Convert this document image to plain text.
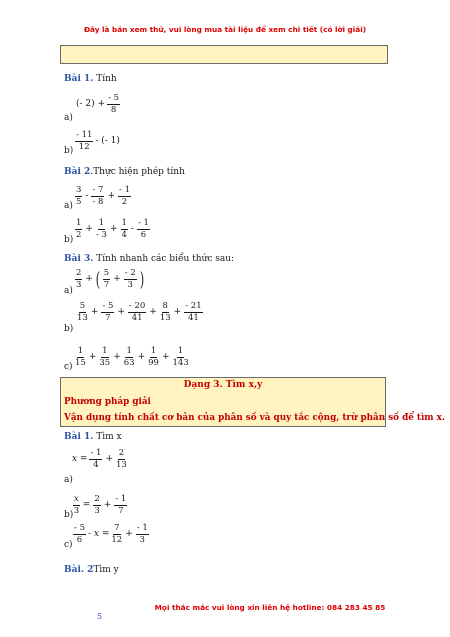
Đây là bản xem thử, vui lòng mua tài liệu để xem chi tiết (có lời giải)
Bài 1. Tính
(- $2) + \frac{- 5}{8}$
a)
$\frac{- 11}{12}$ - (- 1)
b)
Bài 2.Thực hiện phép tính
$\frac{3}{5} - \frac{- 7}{- 8} + \frac{- 1}{2}$
a)
$\frac{1}{2} + \frac{1}{- 3} + \frac{1}{4} - \frac{- 1}{6}$
b)
Bài 3. Tính nhanh các biểu thức sau:
$\frac{2}{3}$ + ( $\frac{5}{7} + \frac{- 2}{3}$ )
a)
$\frac{5}{13} + \frac{- 5}{7} + \frac{- 20}{41} + \frac{8}{13} + \frac{- 21}{41}$
b)
$\frac{1}{15} + \frac{1}{35} + \frac{1}{63} + \frac{1}{99} + \frac{1}{143}$
c)
Dạng 3. Tìm x,y
Phương pháp giải
Vận dụng tính chất cơ bản của phân số và quy tắc cộng, trừ phân số để tìm x.
Bài 1. Tìm x
$x = \frac{- 1}{4} + \frac{2}{13}$
a)
$\frac{x}{3} = \frac{2}{3} + \frac{- 1}{7}$
b)
$\frac{- 5}{6} - x = \frac{7}{12} + \frac{- 1}{3}$
c)
Bài. 2Tìm y
Mọi thắc mắc vui lòng xin liên hệ hotline: 084 283 45 85
5
